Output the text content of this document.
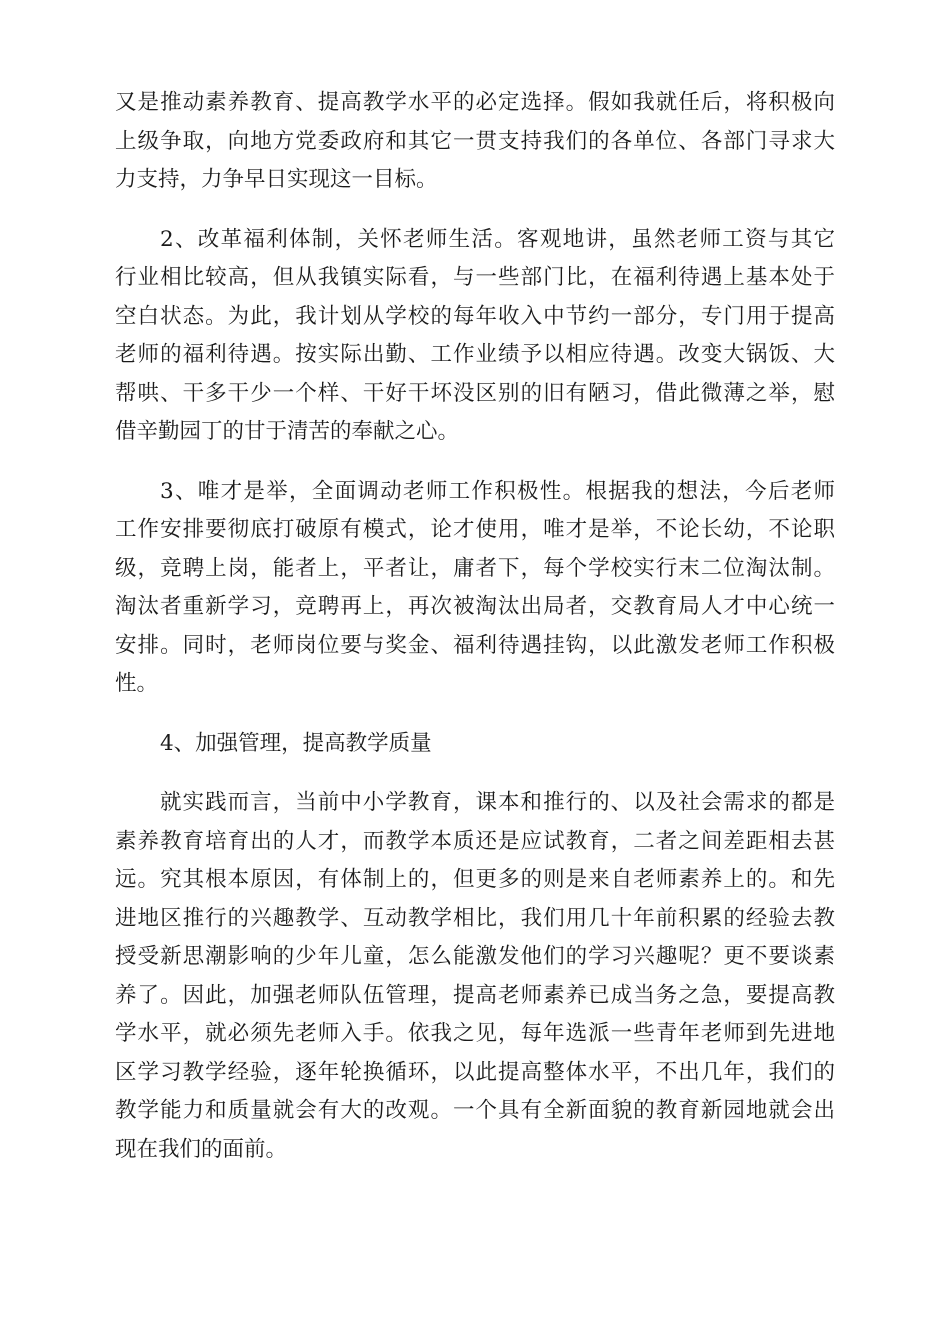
又是推动素养教育、提高教学水平的必定选择。假如我就任后，将积极向
上级争取，向地方党委政府和其它一贯支持我们的各单位、各部门寻求大
力支持，力争早日实现这一目标。
2、改革福利体制，关怀老师生活。客观地讲，虽然老师工资与其它
行业相比较高，但从我镇实际看，与一些部门比，在福利待遇上基本处于
空白状态。为此，我计划从学校的每年收入中节约一部分，专门用于提高
老师的福利待遇。按实际出勤、工作业绩予以相应待遇。改变大锅饭、大
帮哄、干多干少一个样、干好干坏没区别的旧有陋习，借此微薄之举，慰
借辛勤园丁的甘于清苦的奉献之心。
3、唯才是举，全面调动老师工作积极性。根据我的想法，今后老师
工作安排要彻底打破原有模式，论才使用，唯才是举，不论长幼，不论职
级，竞聘上岗，能者上，平者让，庸者下，每个学校实行末二位淘汰制。
淘汰者重新学习，竞聘再上，再次被淘汰出局者，交教育局人才中心统一
安排。同时，老师岗位要与奖金、福利待遇挂钩，以此激发老师工作积极
性。
4、加强管理，提高教学质量
就实践而言，当前中小学教育，课本和推行的、以及社会需求的都是
素养教育培育出的人才，而教学本质还是应试教育，二者之间差距相去甚
远。究其根本原因，有体制上的，但更多的则是来自老师素养上的。和先
进地区推行的兴趣教学、互动教学相比，我们用几十年前积累的经验去教
授受新思潮影响的少年儿童，怎么能激发他们的学习兴趣呢？更不要谈素
养了。因此，加强老师队伍管理，提高老师素养已成当务之急，要提高教
学水平，就必须先老师入手。依我之见，每年选派一些青年老师到先进地
区学习教学经验，逐年轮换循环，以此提高整体水平，不出几年，我们的
教学能力和质量就会有大的改观。一个具有全新面貌的教育新园地就会出
现在我们的面前。
